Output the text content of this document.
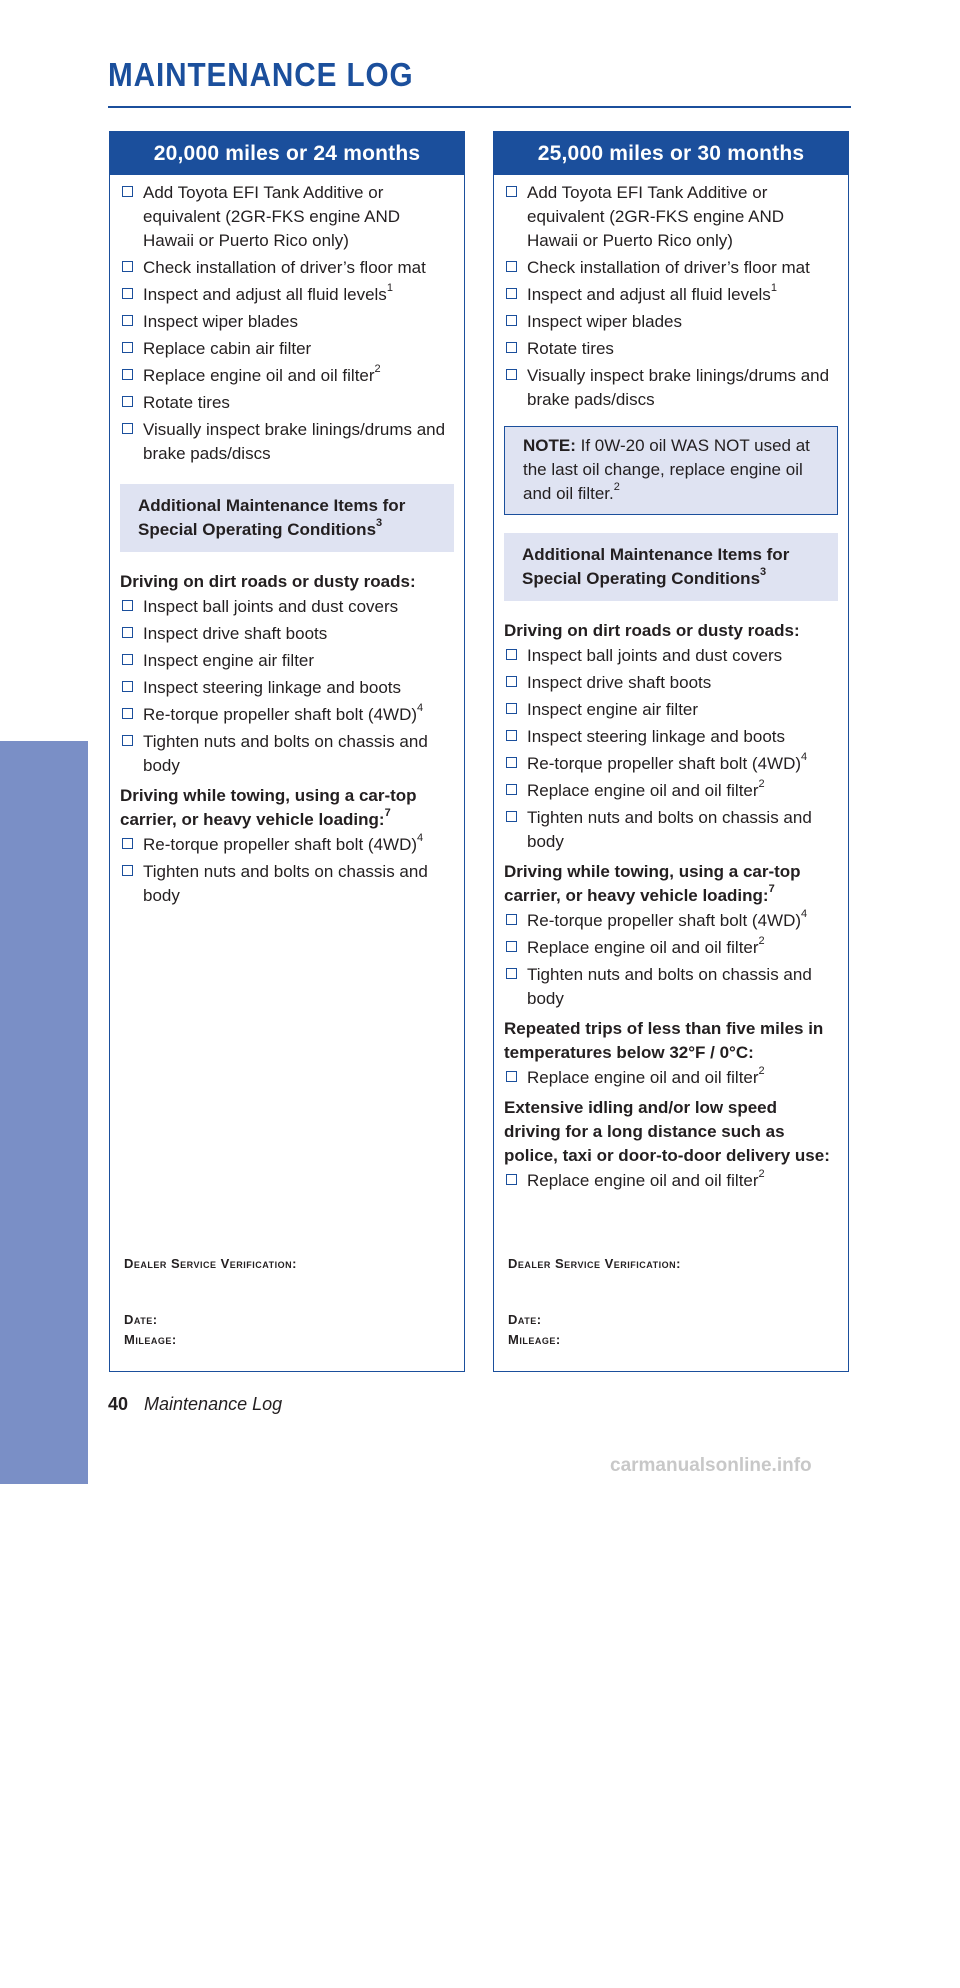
MAINTENANCE LOG
MAINTENANCE
20,000 miles or 24 months
Add Toyota EFI Tank Additive or equivalent (2GR-FKS engine AND Hawaii or Puerto Rico only)
Check installation of driver’s floor mat
Inspect and adjust all fluid levels$^1$
Inspect wiper blades
Replace cabin air filter
Replace engine oil and oil filter$^2$
Rotate tires
Visually inspect brake linings/drums and brake pads/discs
Additional Maintenance Items for Special Operating Conditions$^3$
Driving on dirt roads or dusty roads:
Inspect ball joints and dust covers
Inspect drive shaft boots
Inspect engine air filter
Inspect steering linkage and boots
Re-torque propeller shaft bolt $(4WD)^4$
Tighten nuts and bolts on chassis and body
Driving while towing, using a car-top carrier, or heavy vehicle loading:$^7$
Re-torque propeller shaft bolt $(4WD)^4$
Tighten nuts and bolts on chassis and body
Dealer Service Verification:
Date:
Mileage:
25,000 miles or 30 months
Add Toyota EFI Tank Additive or equivalent (2GR-FKS engine AND Hawaii or Puerto Rico only)
Check installation of driver’s floor mat
Inspect and adjust all fluid levels$^1$
Inspect wiper blades
Rotate tires
Visually inspect brake linings/drums and brake pads/discs
NOTE: If 0W-20 oil WAS NOT used at the last oil change, replace engine oil and oil filter.$^2$
Additional Maintenance Items for Special Operating Conditions$^3$
Driving on dirt roads or dusty roads:
Inspect ball joints and dust covers
Inspect drive shaft boots
Inspect engine air filter
Inspect steering linkage and boots
Re-torque propeller shaft bolt $(4WD)^4$
Replace engine oil and oil filter$^2$
Tighten nuts and bolts on chassis and body
Driving while towing, using a car-top carrier, or heavy vehicle loading:$^7$
Re-torque propeller shaft bolt $(4WD)^4$
Replace engine oil and oil filter$^2$
Tighten nuts and bolts on chassis and body
Repeated trips of less than five miles in temperatures below 32°F / 0°C:
Replace engine oil and oil filter$^2$
Extensive idling and/or low speed driving for a long distance such as police, taxi or door-to-door delivery use:
Replace engine oil and oil filter$^2$
Dealer Service Verification:
Date:
Mileage:
40 Maintenance Log
carmanualsonline.info
